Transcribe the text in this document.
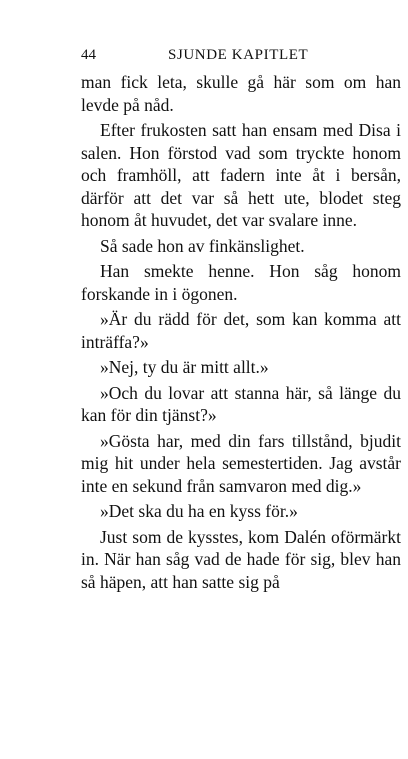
44	SJUNDE KAPITLET

man fick leta, skulle gå här som om han levde på nåd.

Efter frukosten satt han ensam med Disa i salen. Hon förstod vad som tryckte honom och framhöll, att fadern inte åt i bersån, därför att det var så hett ute, blodet steg honom åt huvudet, det var svalare inne.

Så sade hon av finkänslighet.

Han smekte henne. Hon såg honom forskande in i ögonen.

»Är du rädd för det, som kan komma att inträffa?»

»Nej, ty du är mitt allt.»

»Och du lovar att stanna här, så länge du kan för din tjänst?»

»Gösta har, med din fars tillstånd, bjudit mig hit under hela semestertiden. Jag avstår inte en sekund från samvaron med dig.»

»Det ska du ha en kyss för.»

Just som de kysstes, kom Dalén oförmärkt in. När han såg vad de hade för sig, blev han så häpen, att han satte sig på
